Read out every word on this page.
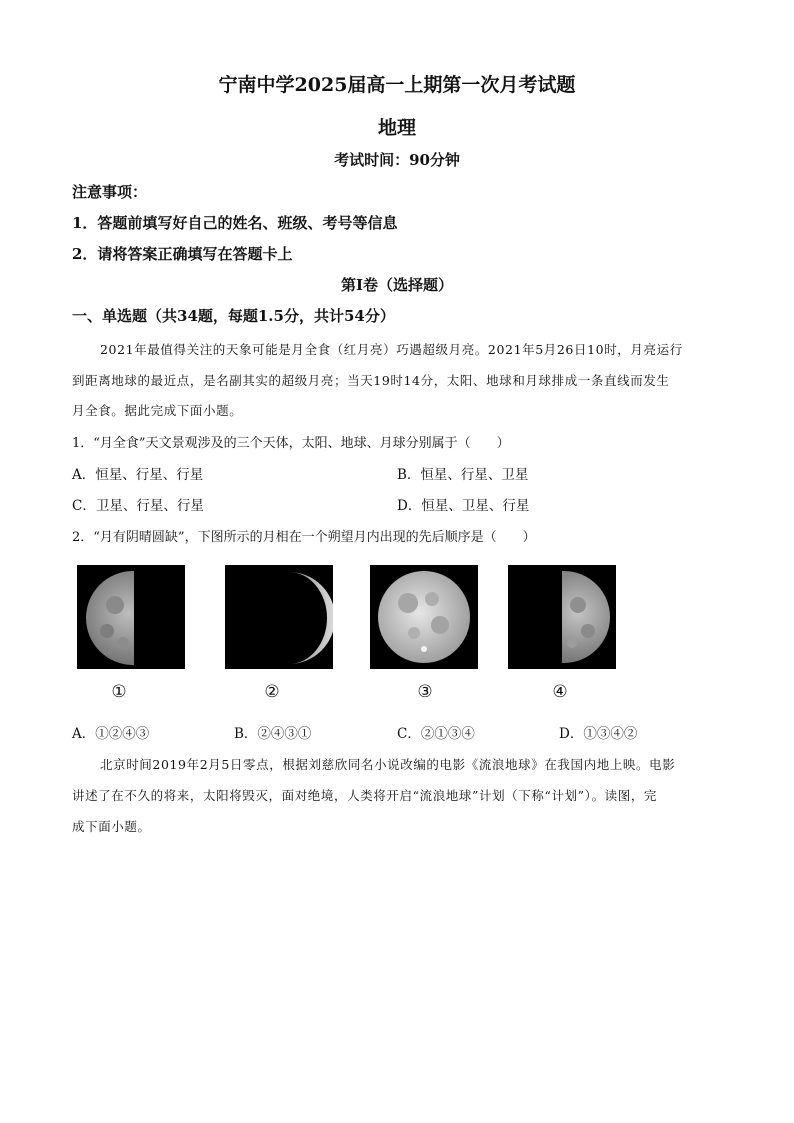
宁南中学2025届高一上期第一次月考试题
地理
考试时间：90分钟
注意事项：
1．答题前填写好自己的姓名、班级、考号等信息
2．请将答案正确填写在答题卡上
第I卷（选择题）
一、单选题（共34题，每题1.5分，共计54分）
2021年最值得关注的天象可能是月全食（红月亮）巧遇超级月亮。2021年5月26日10时，月亮运行
到距离地球的最近点，是名副其实的超级月亮；当天19时14分，太阳、地球和月球排成一条直线而发生
月全食。据此完成下面小题。
1．“月全食”天文景观涉及的三个天体，太阳、地球、月球分别属于（　　）
A．恒星、行星、行星	B．恒星、行星、卫星
C．卫星、行星、行星	D．恒星、卫星、行星
2．“月有阴晴圆缺”，下图所示的月相在一个朔望月内出现的先后顺序是（　　）
①	②	③	④
A．①②④③	B．②④③①	C．②①③④	D．①③④②
北京时间2019年2月5日零点，根据刘慈欣同名小说改编的电影《流浪地球》在我国内地上映。电影
讲述了在不久的将来，太阳将毁灭，面对绝境，人类将开启“流浪地球”计划（下称“计划”）。读图，完
成下面小题。
